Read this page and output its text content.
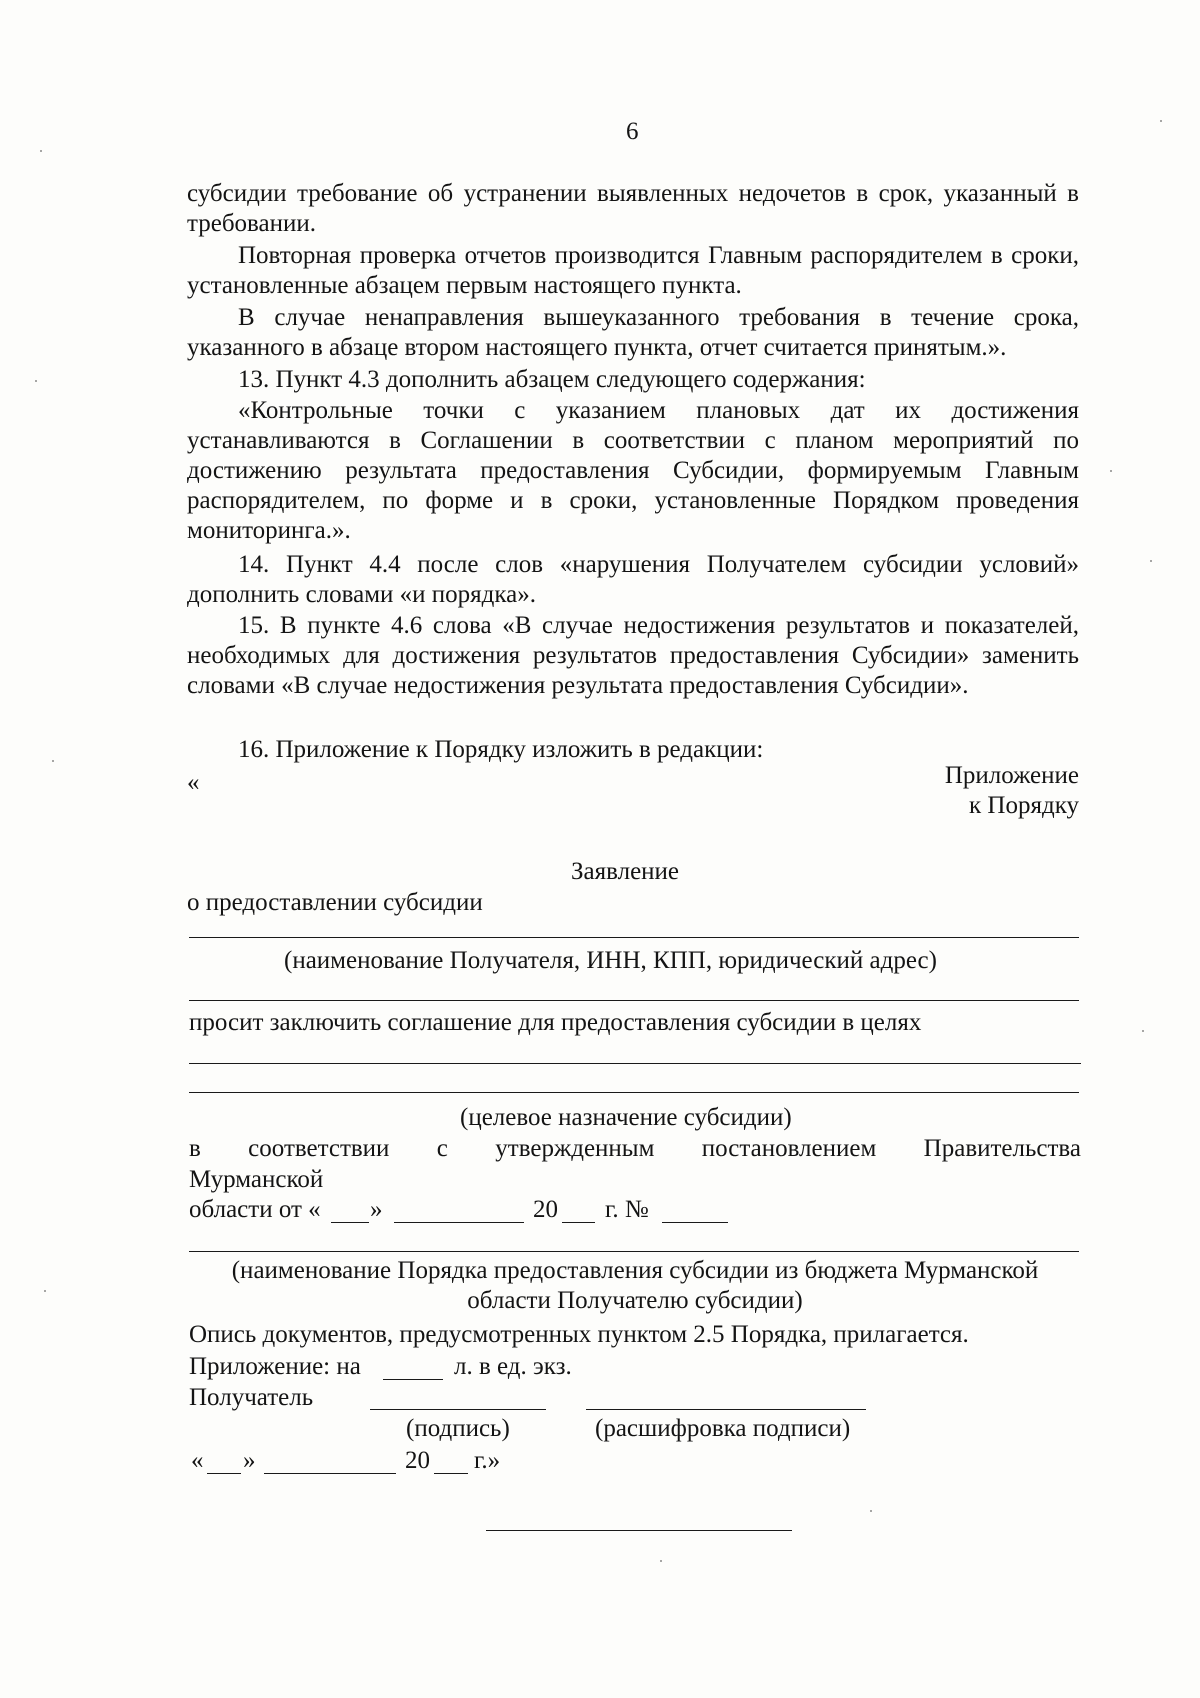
6
субсидии требование об устранении выявленных недочетов в срок, указанный в требовании.
Повторная проверка отчетов производится Главным распорядителем в сроки, установленные абзацем первым настоящего пункта.
В случае ненаправления вышеуказанного требования в течение срока, указанного в абзаце втором настоящего пункта, отчет считается принятым.».
13. Пункт 4.3 дополнить абзацем следующего содержания:
«Контрольные точки с указанием плановых дат их достижения устанавливаются в Соглашении в соответствии с планом мероприятий по достижению результата предоставления Субсидии, формируемым Главным распорядителем, по форме и в сроки, установленные Порядком проведения мониторинга.».
14. Пункт 4.4 после слов «нарушения Получателем субсидии условий» дополнить словами «и порядка».
15. В пункте 4.6 слова «В случае недостижения результатов и показателей, необходимых для достижения результатов предоставления Субсидии» заменить словами «В случае недостижения результата предоставления Субсидии».
16. Приложение к Порядку изложить в редакции:
«	Приложение
к Порядку
Заявление
о предоставлении субсидии
(наименование Получателя, ИНН, КПП, юридический адрес)
просит заключить соглашение для предоставления субсидии в целях
(целевое назначение субсидии)
в соответствии с утвержденным постановлением Правительства
Мурманской
области от « »	20 г. №
(наименование Порядка предоставления субсидии из бюджета Мурманской
области Получателю субсидии)
Опись документов, предусмотренных пунктом 2.5 Порядка, прилагается.
Приложение: на	л. в ед. экз.
Получатель
(подпись)	(расшифровка подписи)
« »	20 г.»
